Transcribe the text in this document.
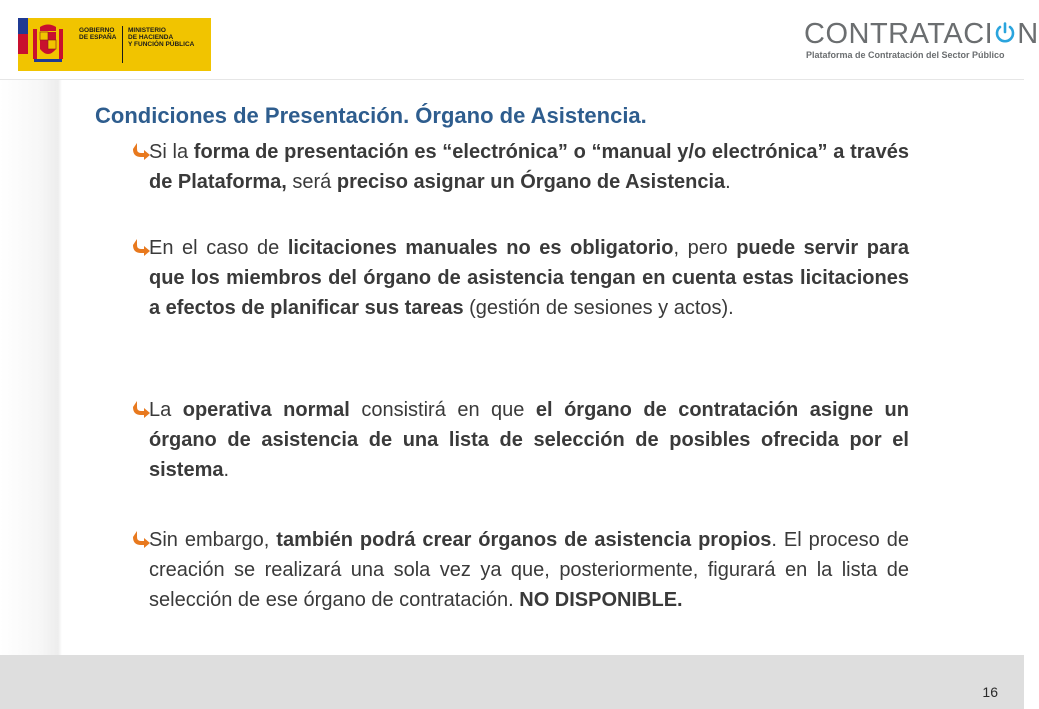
GOBIERNO
DE ESPAÑA
MINISTERIO
DE HACIENDA
Y FUNCIÓN PÚBLICA	CONTRATACI N
Plataforma de Contratación del Sector Público
Condiciones de Presentación. Órgano de Asistencia.
Si la forma de presentación es “electrónica” o “manual y/o electrónica” a través de Plataforma, será preciso asignar un Órgano de Asistencia.
En el caso de licitaciones manuales no es obligatorio, pero puede servir para que los miembros del órgano de asistencia tengan en cuenta estas licitaciones a efectos de planificar sus tareas (gestión de sesiones y actos).
La operativa normal consistirá en que el órgano de contratación asigne un órgano de asistencia de una lista de selección de posibles ofrecida por el sistema.
Sin embargo, también podrá crear órganos de asistencia propios. El proceso de creación se realizará una sola vez ya que, posteriormente, figurará en la lista de selección de ese órgano de contratación. NO DISPONIBLE.
16
